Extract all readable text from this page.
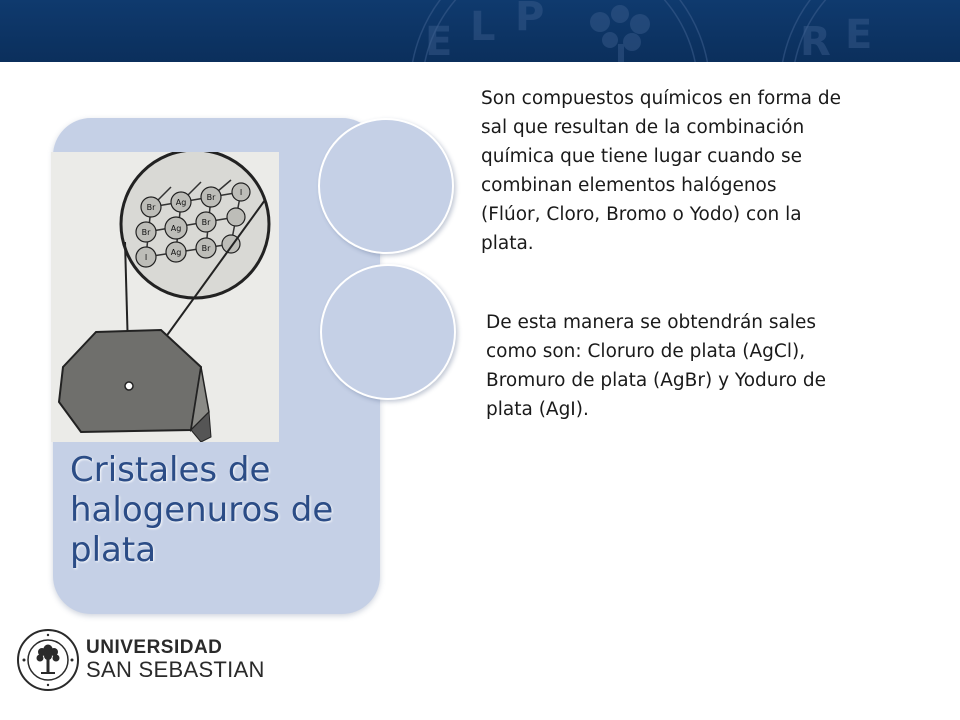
E L P
R E
Br
Ag
Br
Ag
Br
I
Ag	Br
I
Br
Cristales de halogenuros de plata
Son compuestos químicos en forma de sal que resultan de la combinación química que tiene lugar cuando se combinan elementos halógenos (Flúor, Cloro, Bromo o Yodo) con la plata.
De esta manera se obtendrán sales como son: Cloruro de plata (AgCl), Bromuro de plata (AgBr) y Yoduro de plata (AgI).
UNIVERSIDAD
SAN SEBASTIAN
